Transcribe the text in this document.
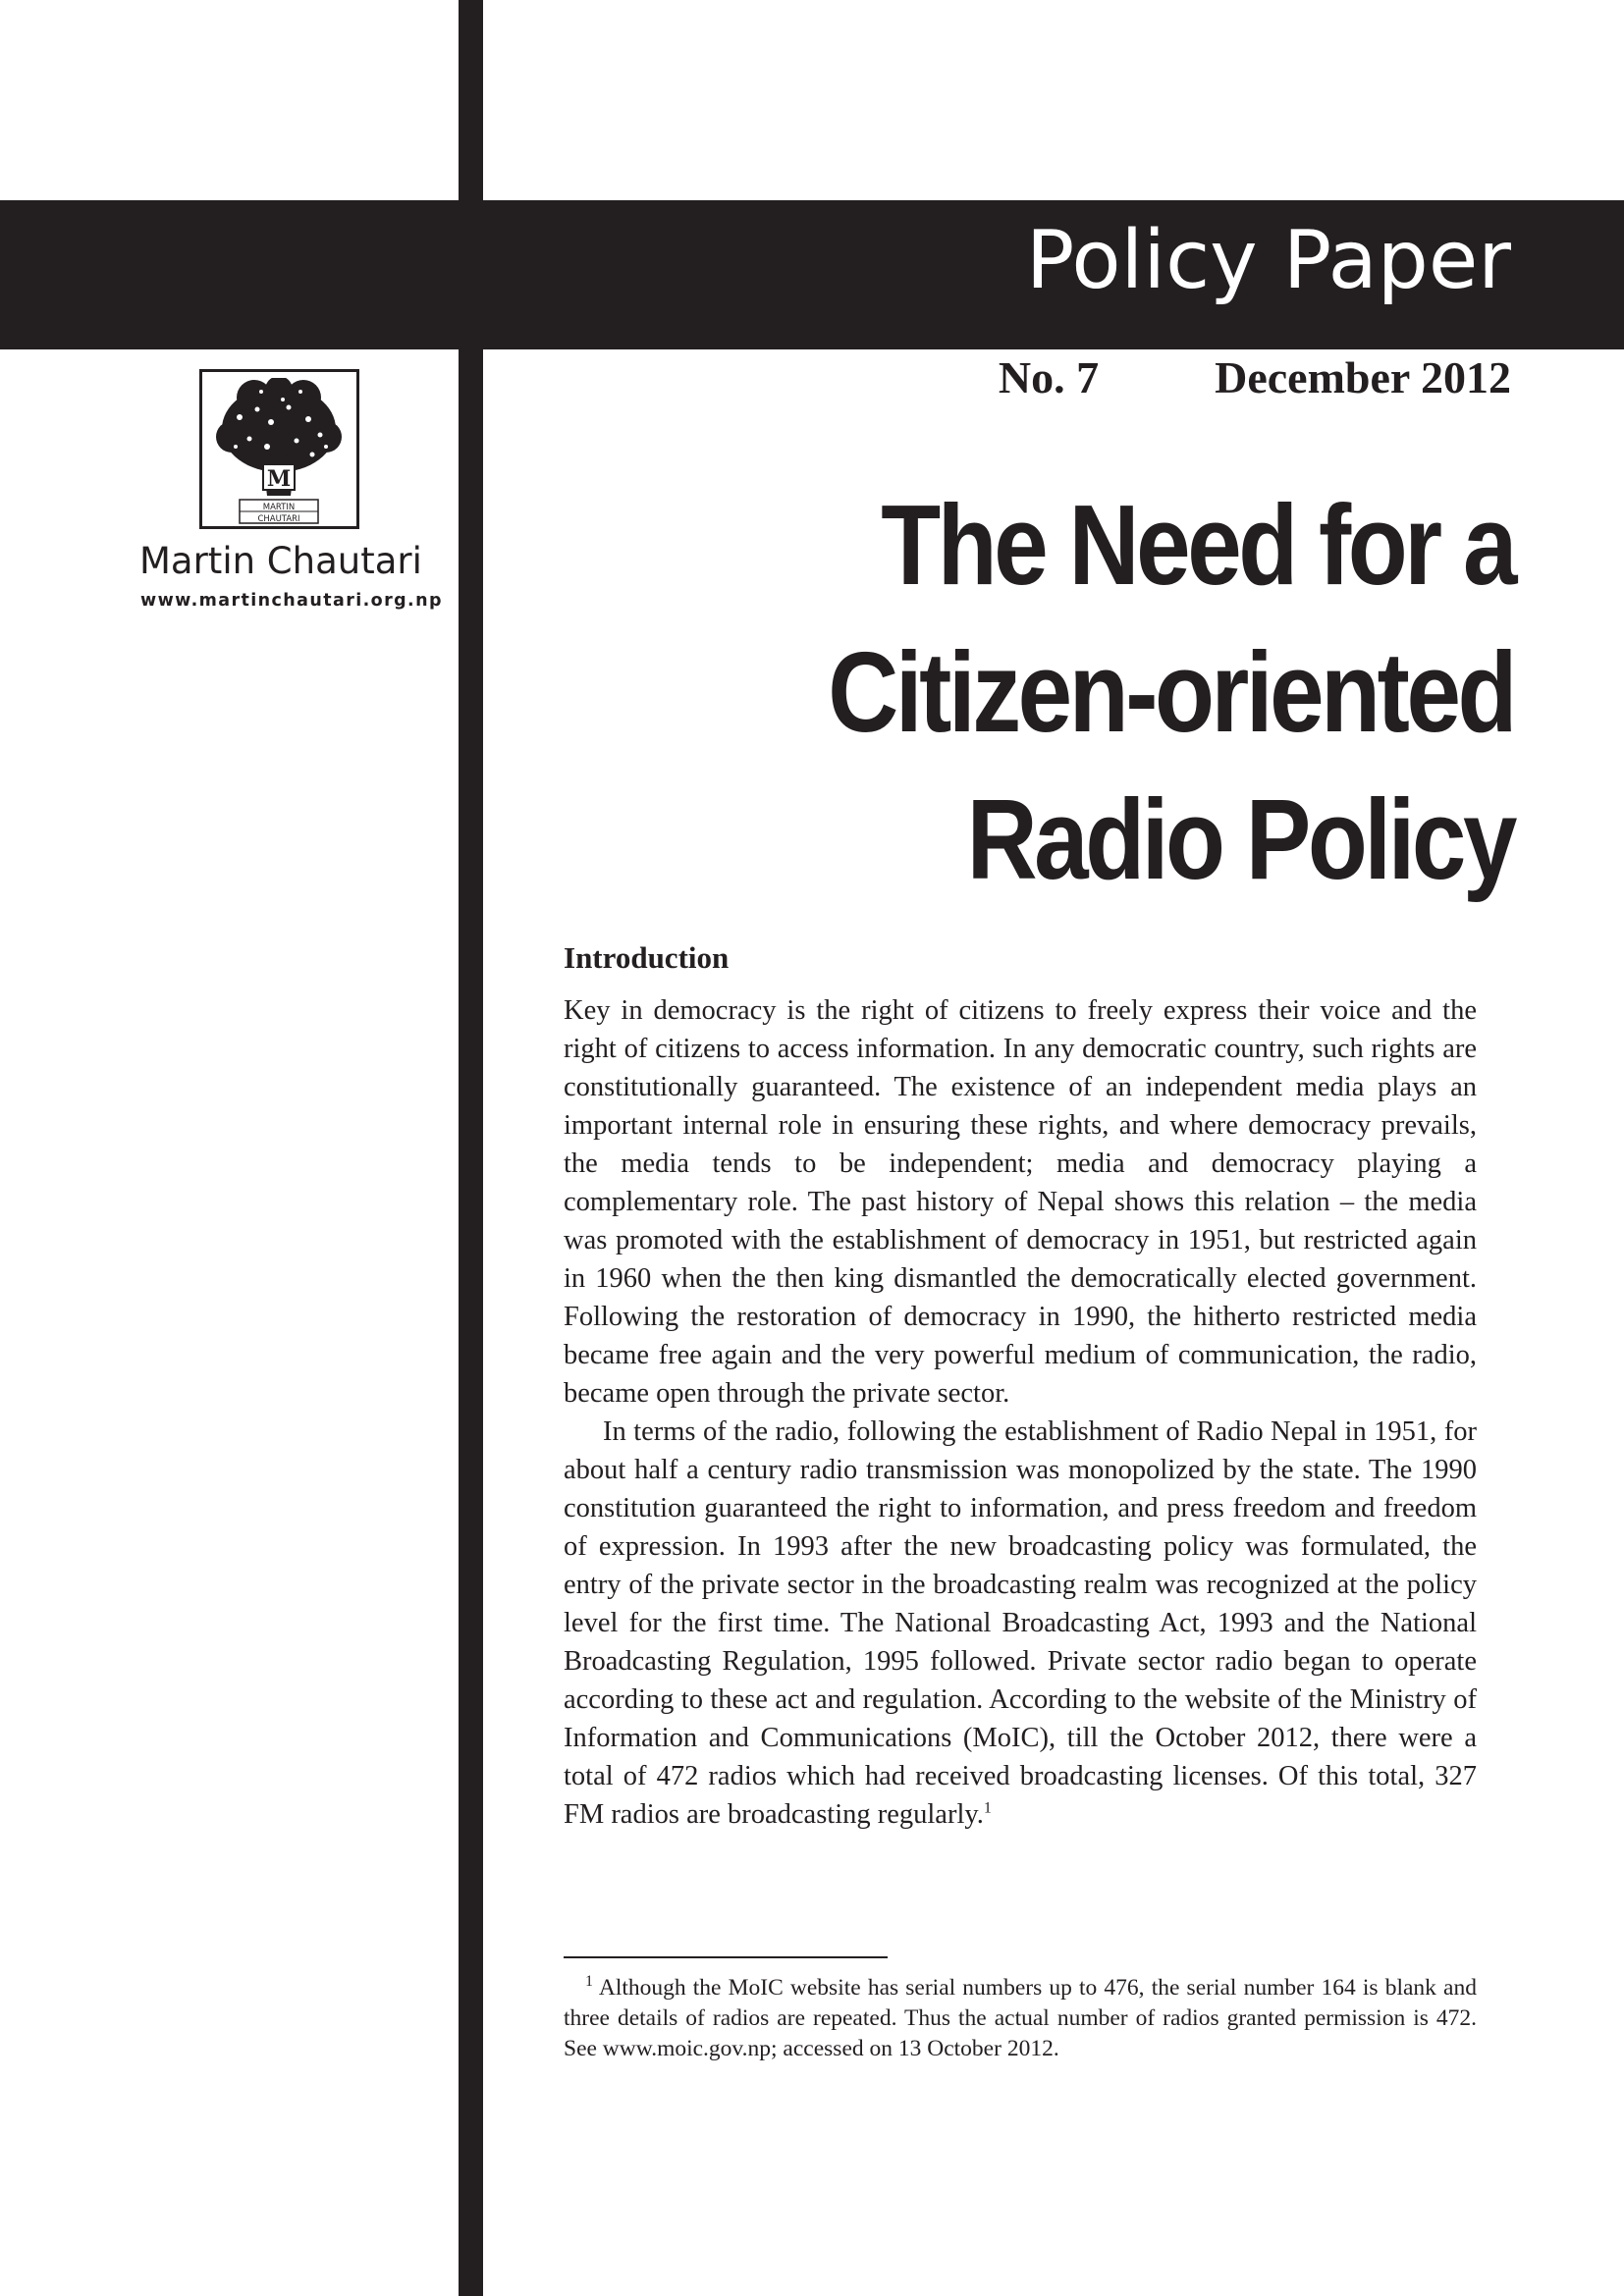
Policy Paper
No. 7	December 2012
The Need for a
Citizen-oriented
Radio Policy
M
MARTIN
CHAUTARI
Martin Chautari
www.martinchautari.org.np
Introduction

Key in democracy is the right of citizens to freely express their voice and the right of citizens to access information. In any democratic country, such rights are constitutionally guaranteed. The existence of an independent media plays an important internal role in ensuring these rights, and where democracy prevails, the media tends to be independent; media and democracy playing a complementary role. The past history of Nepal shows this relation – the media was promoted with the establishment of democracy in 1951, but restricted again in 1960 when the then king dismantled the democratically elected government. Following the restoration of democracy in 1990, the hitherto restricted media became free again and the very powerful medium of communication, the radio, became open through the private sector.

In terms of the radio, following the establishment of Radio Nepal in 1951, for about half a century radio transmission was monopolized by the state. The 1990 constitution guaranteed the right to information, and press freedom and freedom of expression. In 1993 after the new broadcasting policy was formulated, the entry of the private sector in the broadcasting realm was recognized at the policy level for the first time. The National Broadcasting Act, 1993 and the National Broadcasting Regulation, 1995 followed. Private sector radio began to operate according to these act and regulation. According to the website of the Ministry of Information and Communications (MoIC), till the October 2012, there were a total of 472 radios which had received broadcasting licenses. Of this total, 327 FM radios are broadcasting regularly.$^1$

$^1$ Although the MoIC website has serial numbers up to 476, the serial number 164 is blank and three details of radios are repeated. Thus the actual number of radios granted permission is 472. See www.moic.gov.np; accessed on 13 October 2012.
